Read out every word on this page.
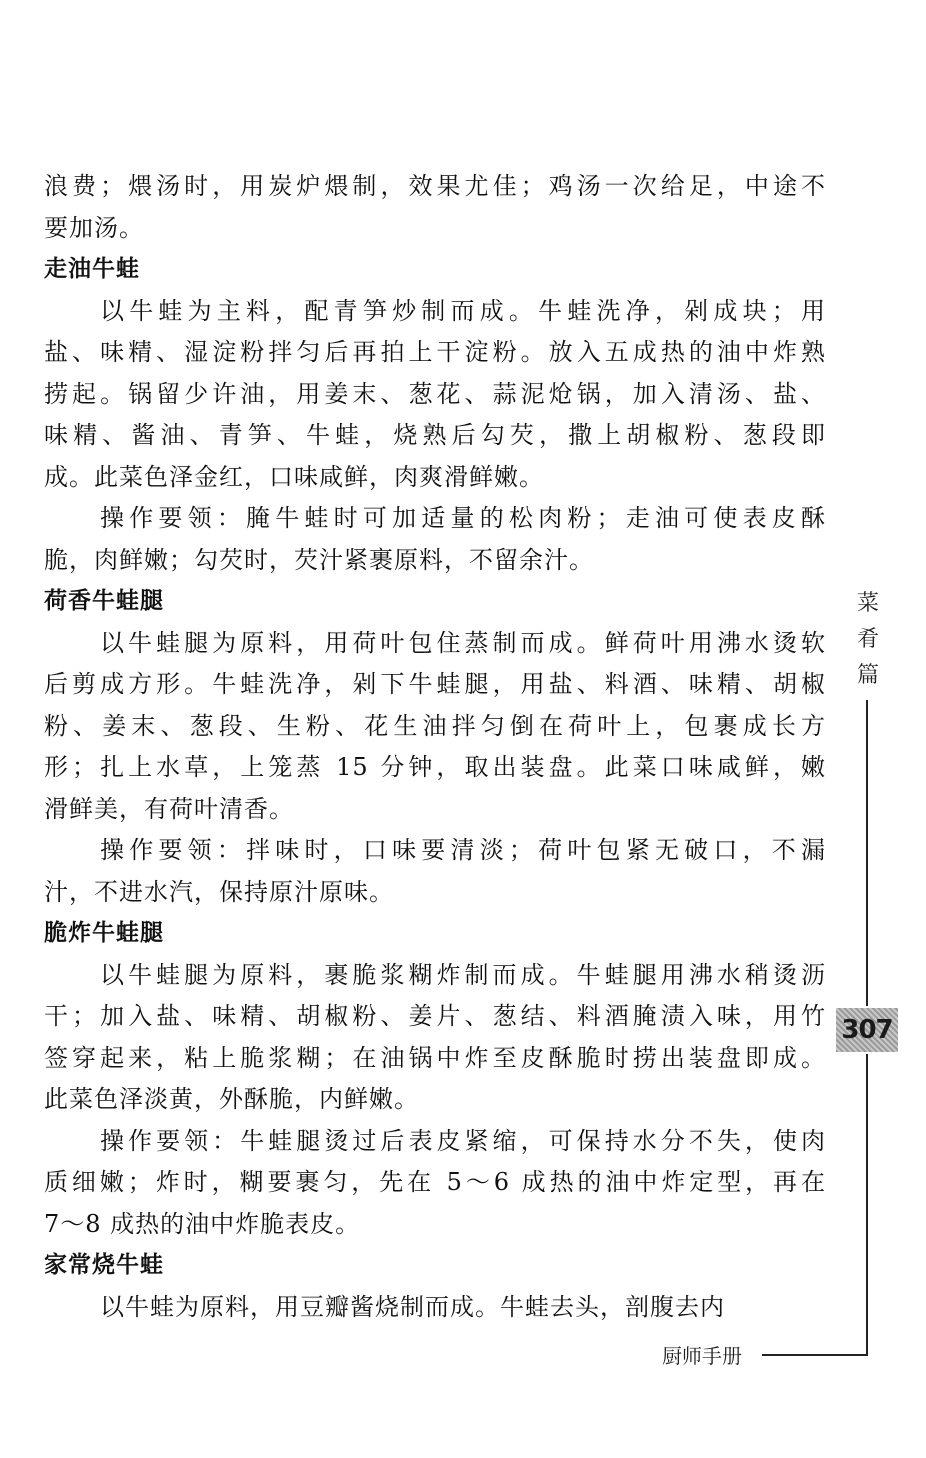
浪费；煨汤时，用炭炉煨制，效果尤佳；鸡汤一次给足，中途不
要加汤。
走油牛蛙
以牛蛙为主料，配青笋炒制而成。牛蛙洗净，剁成块；用
盐、味精、湿淀粉拌匀后再拍上干淀粉。放入五成热的油中炸熟
捞起。锅留少许油，用姜末、葱花、蒜泥炝锅，加入清汤、盐、
味精、酱油、青笋、牛蛙，烧熟后勾芡，撒上胡椒粉、葱段即
成。此菜色泽金红，口味咸鲜，肉爽滑鲜嫩。
操作要领：腌牛蛙时可加适量的松肉粉；走油可使表皮酥
脆，肉鲜嫩；勾芡时，芡汁紧裹原料，不留余汁。
荷香牛蛙腿
以牛蛙腿为原料，用荷叶包住蒸制而成。鲜荷叶用沸水烫软
后剪成方形。牛蛙洗净，剁下牛蛙腿，用盐、料酒、味精、胡椒
粉、姜末、葱段、生粉、花生油拌匀倒在荷叶上，包裹成长方
形；扎上水草，上笼蒸 15 分钟，取出装盘。此菜口味咸鲜，嫩
滑鲜美，有荷叶清香。
操作要领：拌味时，口味要清淡；荷叶包紧无破口，不漏
汁，不进水汽，保持原汁原味。
脆炸牛蛙腿
以牛蛙腿为原料，裹脆浆糊炸制而成。牛蛙腿用沸水稍烫沥
干；加入盐、味精、胡椒粉、姜片、葱结、料酒腌渍入味，用竹
签穿起来，粘上脆浆糊；在油锅中炸至皮酥脆时捞出装盘即成。
此菜色泽淡黄，外酥脆，内鲜嫩。
操作要领：牛蛙腿烫过后表皮紧缩，可保持水分不失，使肉
质细嫩；炸时，糊要裹匀，先在 5～6 成热的油中炸定型，再在
7～8 成热的油中炸脆表皮。
家常烧牛蛙
以牛蛙为原料，用豆瓣酱烧制而成。牛蛙去头，剖腹去内
菜
肴
篇
307
厨师手册
